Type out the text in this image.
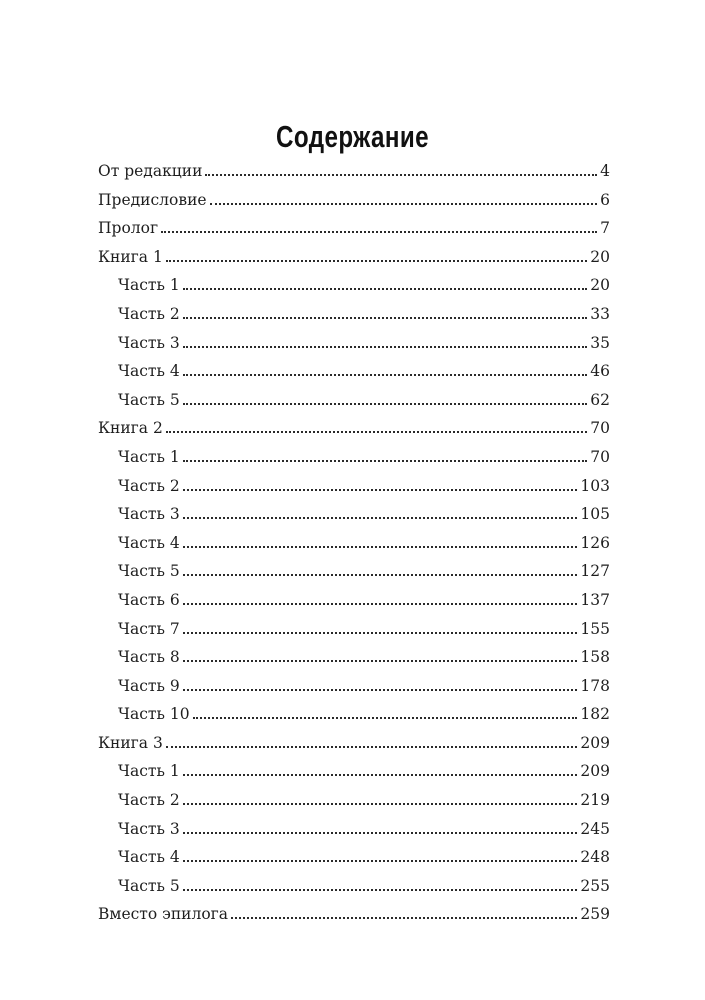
Содержание
От редакции	4
Предисловие	6
Пролог	7
Книга 1	20
Часть 1	20
Часть 2	33
Часть 3	35
Часть 4	46
Часть 5	62
Книга 2	70
Часть 1	70
Часть 2	103
Часть 3	105
Часть 4	126
Часть 5	127
Часть 6	137
Часть 7	155
Часть 8	158
Часть 9	178
Часть 10	182
Книга 3	209
Часть 1	209
Часть 2	219
Часть 3	245
Часть 4	248
Часть 5	255
Вместо эпилога	259
